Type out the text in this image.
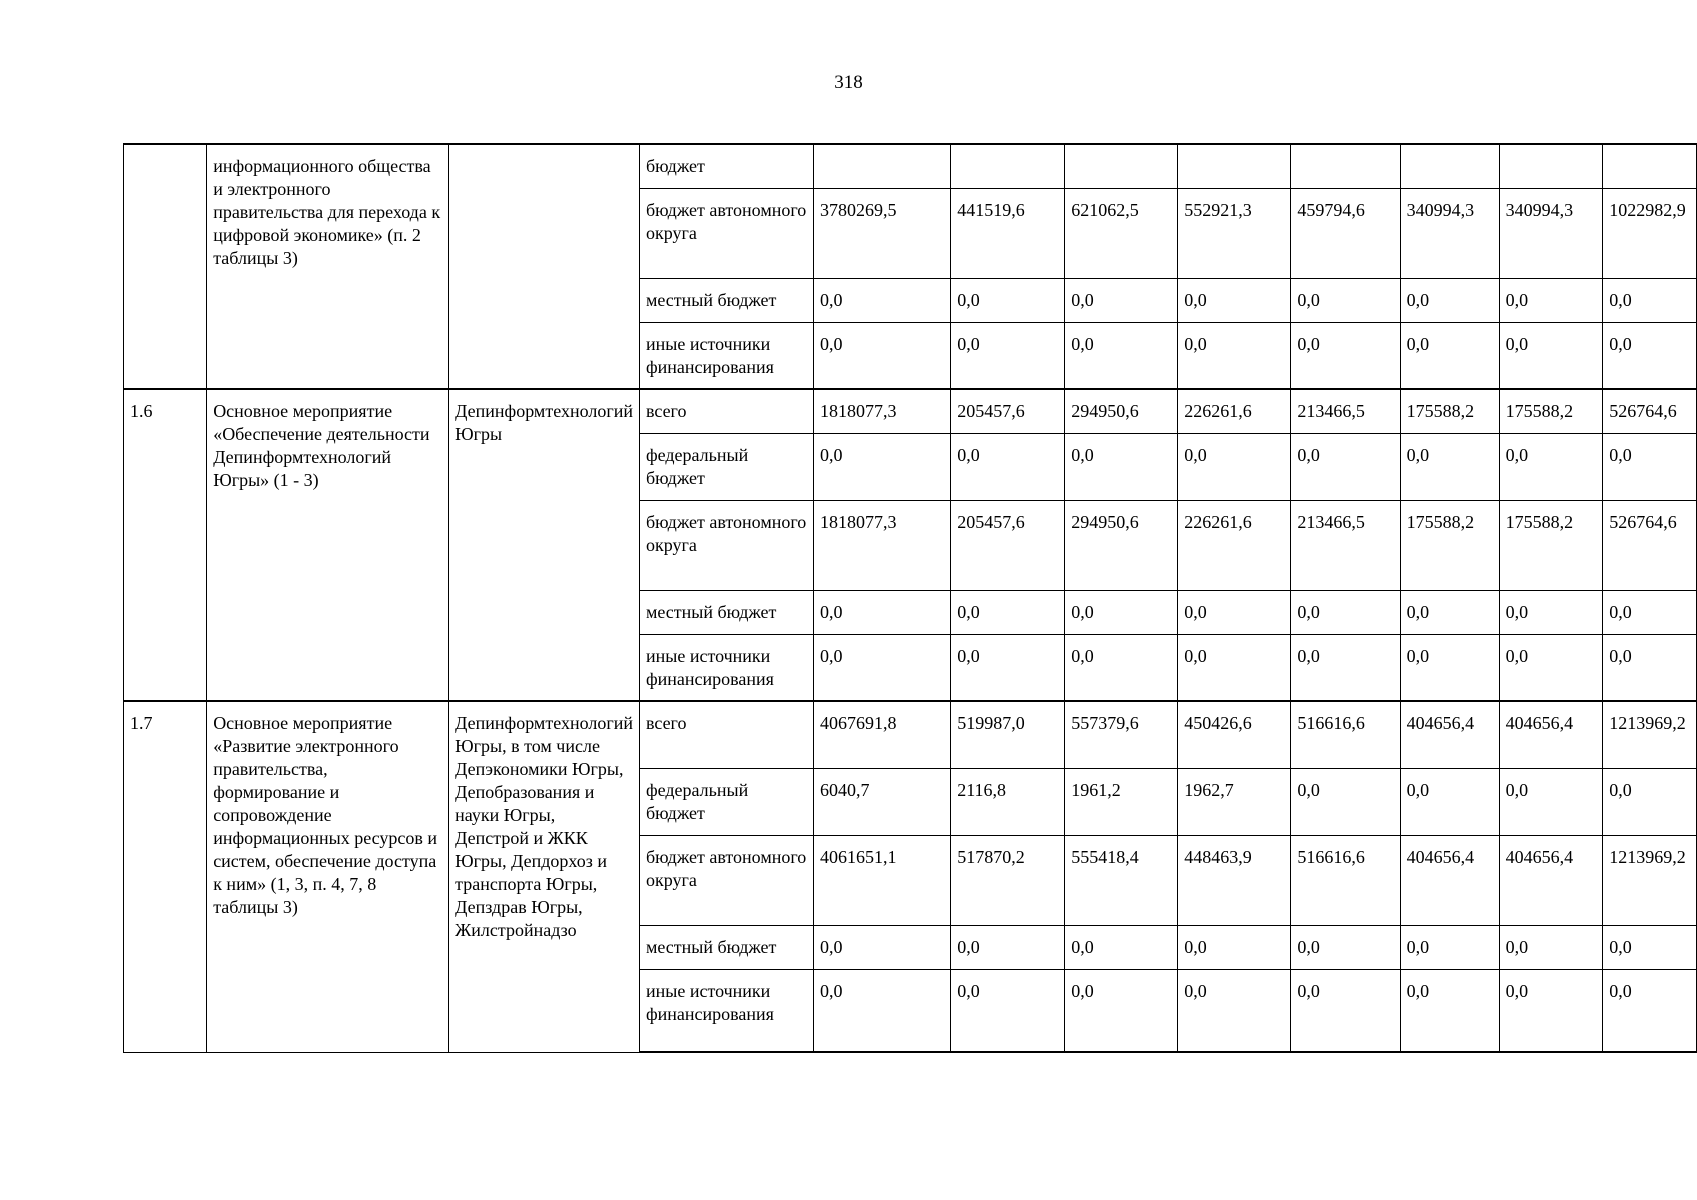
318
	информационного общества и электронного правительства для перехода к цифровой экономике» (п. 2 таблицы 3)		бюджет								
			бюджет автономного округа	3780269,5	441519,6	621062,5	552921,3	459794,6	340994,3	340994,3	1022982,9
			местный бюджет	0,0	0,0	0,0	0,0	0,0	0,0	0,0	0,0
			иные источники финансирования	0,0	0,0	0,0	0,0	0,0	0,0	0,0	0,0
1.6	Основное мероприятие «Обеспечение деятельности Депинформтехнологий Югры» (1 - 3)	Депинформтехнологий Югры	всего	1818077,3	205457,6	294950,6	226261,6	213466,5	175588,2	175588,2	526764,6
			федеральный бюджет	0,0	0,0	0,0	0,0	0,0	0,0	0,0	0,0
			бюджет автономного округа	1818077,3	205457,6	294950,6	226261,6	213466,5	175588,2	175588,2	526764,6
			местный бюджет	0,0	0,0	0,0	0,0	0,0	0,0	0,0	0,0
			иные источники финансирования	0,0	0,0	0,0	0,0	0,0	0,0	0,0	0,0
1.7	Основное мероприятие «Развитие электронного правительства, формирование и сопровождение информационных ресурсов и систем, обеспечение доступа к ним» (1, 3, п. 4, 7, 8 таблицы 3)	Депинформтехнологий Югры, в том числе Депэкономики Югры, Депобразования и науки Югры, Депстрой и ЖКК Югры, Депдорхоз и транспорта Югры, Депздрав Югры, Жилстройнадзо	всего	4067691,8	519987,0	557379,6	450426,6	516616,6	404656,4	404656,4	1213969,2
			федеральный бюджет	6040,7	2116,8	1961,2	1962,7	0,0	0,0	0,0	0,0
			бюджет автономного округа	4061651,1	517870,2	555418,4	448463,9	516616,6	404656,4	404656,4	1213969,2
			местный бюджет	0,0	0,0	0,0	0,0	0,0	0,0	0,0	0,0
			иные источники финансирования	0,0	0,0	0,0	0,0	0,0	0,0	0,0	0,0
